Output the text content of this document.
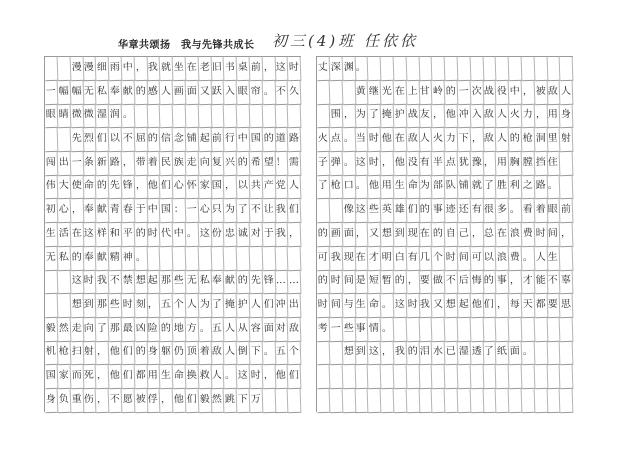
华章共颂扬　我与先锋共成长 初三(4)班 任依依
漫 漫 细 雨 中 ， 我 就 坐 在 老 旧 书 桌 前 ， 这 时
一 幅 幅 无 私 奉 献 的 感 人 画 面 又 跃 入 眼 帘 。 不 久
眼 睛 微 微 湿 润 。
先 烈 们 以 不 屈 的 信 念 铺 起 前 行 中 国 的 道 路
闯 出 一 条 新 路 ， 带 着 民 族 走 向 复 兴 的 希 望 ！ 需
伟 大 使 命 的 先 锋 ， 他 们 心 怀 家 国 ， 以 共 产 党 人
初 心 ， 奉 献 青 春 于 中 国 ： 一 心 只 为 了 不 让 我 们
生 活 在 这 样 和 平 的 时 代 中 。 这 份 忠 诚 对 于 我 ，
无 私 的 奉 献 精 神 。
这 时 我 不 禁 想 起 那 些 无 私 奉 献 的 先 锋 … …
想 到 那 些 时 刻 ， 五 个 人 为 了 掩 护 人 们 冲 出
毅 然 走 向 了 那 最 凶 险 的 地 方 。 五 人 从 容 面 对 敌
机 枪 扫 射 ， 他 们 的 身 躯 仍 顶 着 敌 人 倒 下 。 五 个
国 家 而 死 ， 他 们 都 用 生 命 换 救 人 。 这 时 ， 他 们
身 负 重 伤 ， 不 愿 被 俘 ， 他 们 毅 然 跳 下 万
丈 深 渊 。
黄 继 光 在 上 甘 岭 的 一 次 战 役 中 ， 被 敌 人
围 ， 为 了 掩 护 战 友 ， 他 冲 入 敌 人 火 力 ， 用 身
火 点 。 当 时 他 在 敌 人 火 力 下 ， 敌 人 的 枪 洞 里 射
子 弹 。 这 时 ， 他 没 有 半 点 犹 豫 ， 用 胸 膛 挡 住
了 枪 口 。 他 用 生 命 为 部 队 铺 就 了 胜 利 之 路 。
像 这 些 英 雄 们 的 事 迹 还 有 很 多 。 看 着 眼 前
的 画 面 ， 又 想 到 现 在 的 自 己 ， 总 在 浪 费 时 间 ，
可 我 现 在 才 明 白 有 几 个 时 间 可 以 浪 费 。 人 生
的 时 间 是 短 暂 的 ， 要 做 不 后 悔 的 事 ， 才 能 不 辜
时 间 与 生 命 。 这 时 我 又 想 起 他 们 ， 每 天 都 要 思
考 一 些 事 情 。
想 到 这 ， 我 的 泪 水 已 湿 透 了 纸 面 。
